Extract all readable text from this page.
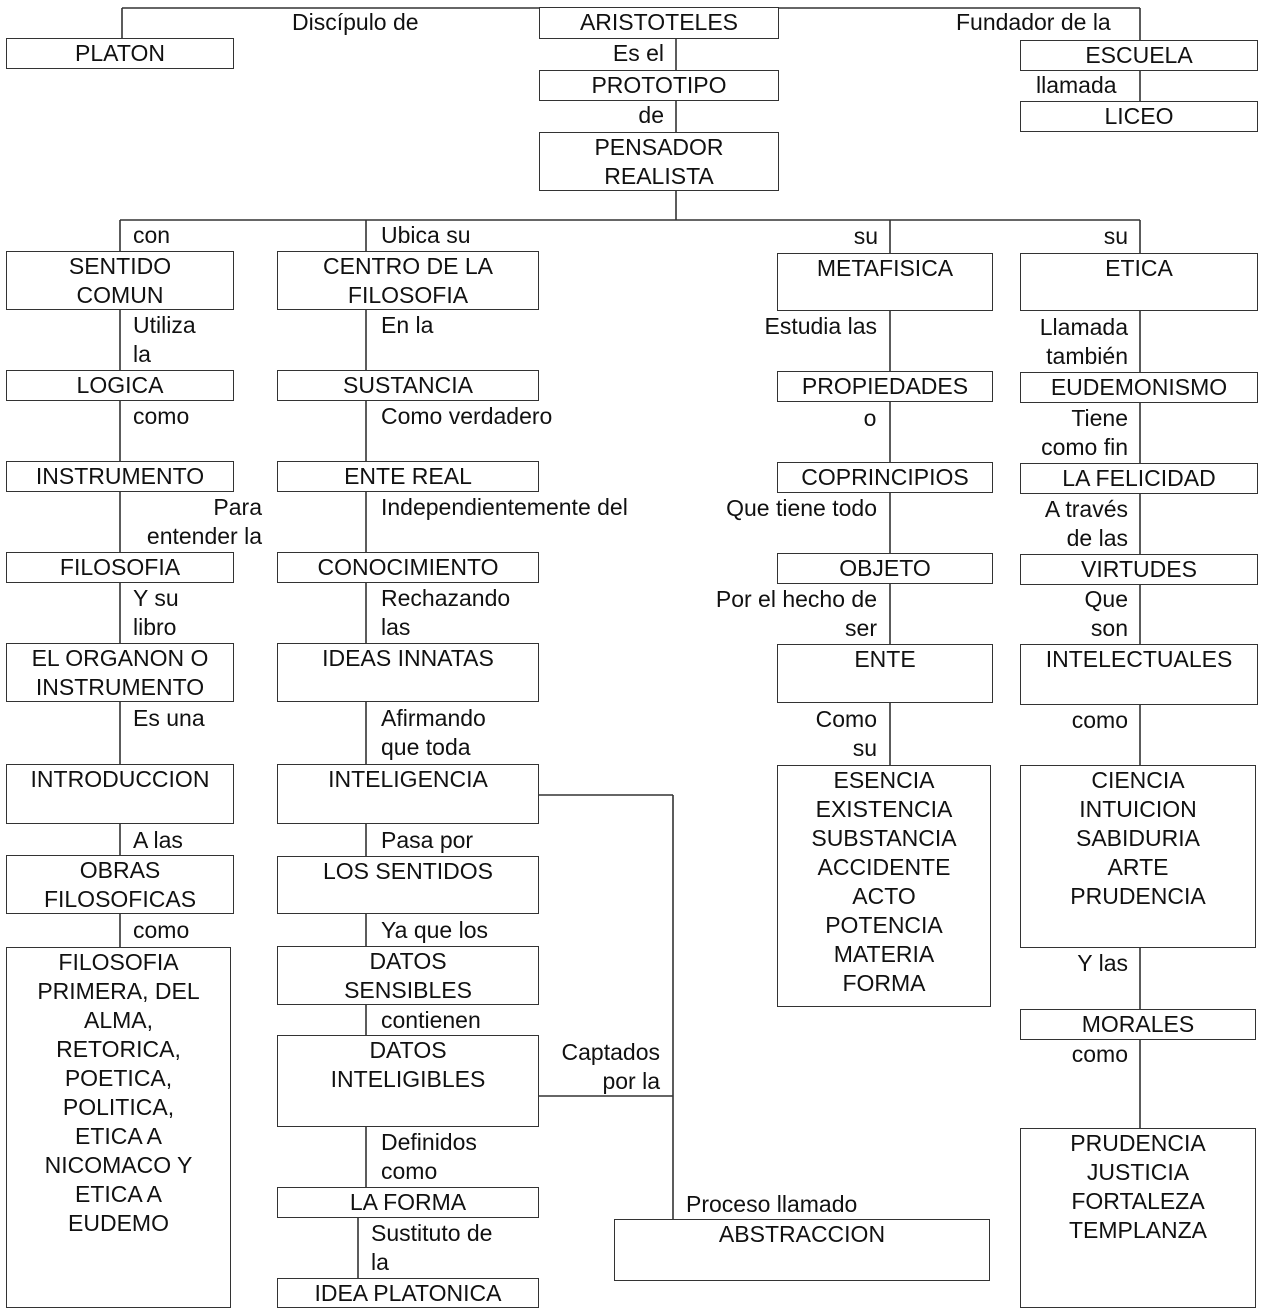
ARISTOTELES
PLATON	ESCUELA
LICEO
PROTOTIPO
PENSADOR
REALISTA
SENTIDO
COMUN
LOGICA
INSTRUMENTO
FILOSOFIA
EL ORGANON O
INSTRUMENTO
INTRODUCCION
OBRAS
FILOSOFICAS
FILOSOFIA
PRIMERA, DEL
ALMA,
RETORICA,
POETICA,
POLITICA,
ETICA A
NICOMACO Y
ETICA A
EUDEMO
CENTRO DE LA
FILOSOFIA
SUSTANCIA
ENTE REAL
CONOCIMIENTO
IDEAS INNATAS
INTELIGENCIA
LOS SENTIDOS
DATOS
SENSIBLES
DATOS
INTELIGIBLES
LA FORMA
IDEA PLATONICA
ABSTRACCION
METAFISICA
PROPIEDADES
COPRINCIPIOS
OBJETO
ENTE
ESENCIA
EXISTENCIA
SUBSTANCIA
ACCIDENTE
ACTO
POTENCIA
MATERIA
FORMA
ETICA
EUDEMONISMO
LA FELICIDAD
VIRTUDES
INTELECTUALES
CIENCIA
INTUICION
SABIDURIA
ARTE
PRUDENCIA
MORALES
PRUDENCIA
JUSTICIA
FORTALEZA
TEMPLANZA
Discípulo de	Fundador de la
llamada
Es el
de
con	Ubica su	su	su
Utiliza
la
como
Para
entender la
Y su
libro
Es una
A las
como
En la
Como verdadero
Independientemente del
Rechazando
las
Afirmando
que toda
Pasa por
Ya que los
contienen
Captados
por la
Definidos
como
Sustituto de
la
Proceso llamado
Estudia las
o
Que tiene todo
Por el hecho de
ser
Como
su
Llamada
también
Tiene
como fin
A través
de las
Que
son
como
Y las
como
